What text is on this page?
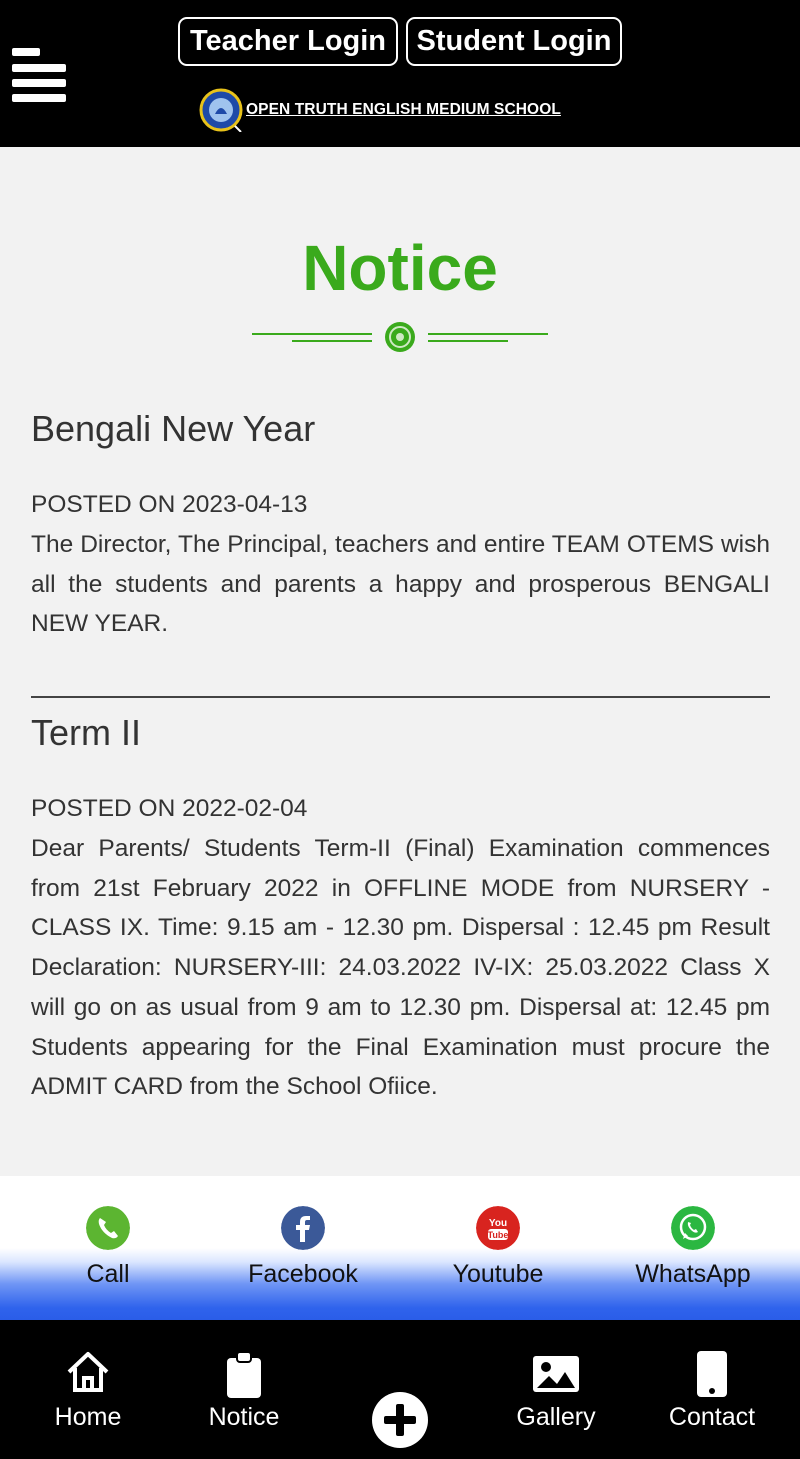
Teacher Login	Student Login
OPEN TRUTH ENGLISH MEDIUM SCHOOL
Notice
Bengali New Year
POSTED ON 2023-04-13

The Director, The Principal, teachers and entire TEAM OTEMS wish all the students and parents a happy and prosperous BENGALI NEW YEAR.

Term II
POSTED ON 2022-02-04

Dear Parents/ Students Term-II (Final) Examination commences from 21st February 2022 in OFFLINE MODE from NURSERY -CLASS IX. Time: 9.15 am - 12.30 pm. Dispersal : 12.45 pm Result Declaration: NURSERY-III: 24.03.2022 IV-IX: 25.03.2022 Class X will go on as usual from 9 am to 12.30 pm. Dispersal at: 12.45 pm Students appearing for the Final Examination must procure the ADMIT CARD from the School Ofiice.

Call	Facebook
You
Tube
Youtube	WhatsApp
Home	Notice	Gallery	Contact
